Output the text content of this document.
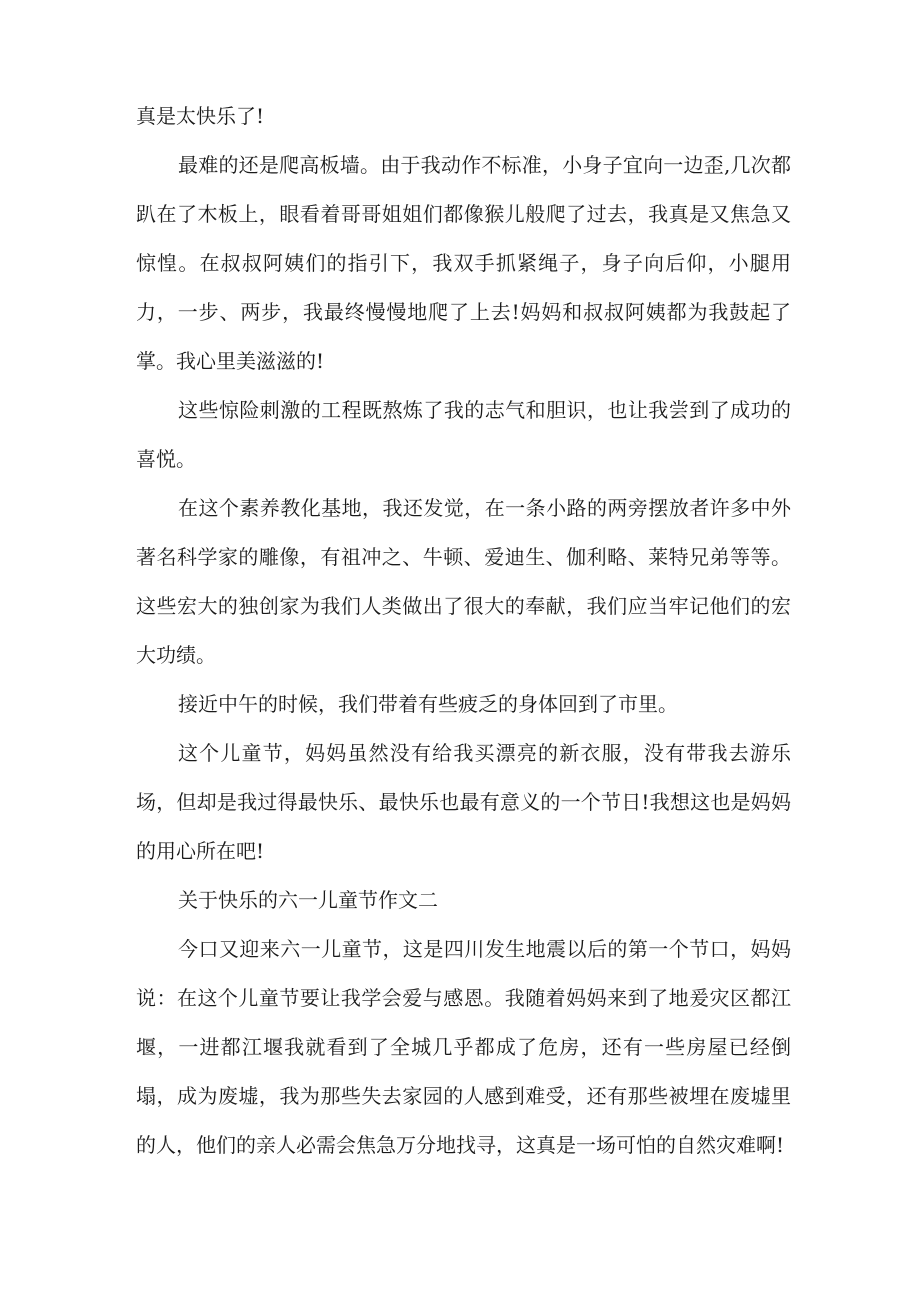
真是太快乐了!

最难的还是爬高板墙。由于我动作不标准，小身子宜向一边歪,几次都趴在了木板上，眼看着哥哥姐姐们都像猴儿般爬了过去，我真是又焦急又惊惶。在叔叔阿姨们的指引下，我双手抓紧绳子，身子向后仰，小腿用力，一步、两步，我最终慢慢地爬了上去!妈妈和叔叔阿姨都为我鼓起了掌。我心里美滋滋的!

这些惊险刺激的工程既熬炼了我的志气和胆识，也让我尝到了成功的喜悦。

在这个素养教化基地，我还发觉，在一条小路的两旁摆放者许多中外著名科学家的雕像，有祖冲之、牛顿、爱迪生、伽利略、莱特兄弟等等。这些宏大的独创家为我们人类做出了很大的奉献，我们应当牢记他们的宏大功绩。

接近中午的时候，我们带着有些疲乏的身体回到了市里。

这个儿童节，妈妈虽然没有给我买漂亮的新衣服，没有带我去游乐场，但却是我过得最快乐、最快乐也最有意义的一个节日!我想这也是妈妈的用心所在吧!

关于快乐的六一儿童节作文二

今口又迎来六一儿童节，这是四川发生地震以后的第一个节口，妈妈说：在这个儿童节要让我学会爱与感恩。我随着妈妈来到了地爰灾区都江堰，一进都江堰我就看到了全城几乎都成了危房，还有一些房屋已经倒塌，成为废墟，我为那些失去家园的人感到难受，还有那些被埋在废墟里的人，他们的亲人必需会焦急万分地找寻，这真是一场可怕的自然灾难啊!
